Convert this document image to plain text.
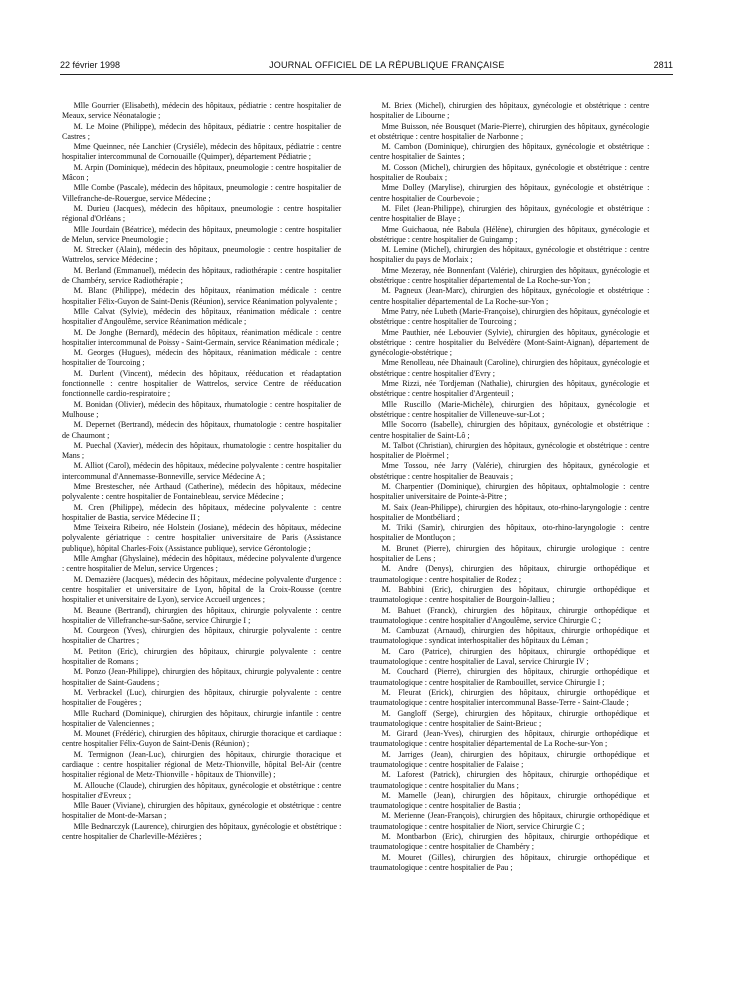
22 février 1998	JOURNAL OFFICIEL DE LA RÉPUBLIQUE FRANÇAISE	2811

Mlle Gourrier (Elisabeth), médecin des hôpitaux, pédiatrie : centre hospitalier de Meaux, service Néonatalogie ;

M. Le Moine (Philippe), médecin des hôpitaux, pédiatrie : centre hospitalier de Castres ;

Mme Queinnec, née Lanchier (Crysiéle), médecin des hôpitaux, pédiatrie : centre hospitalier intercommunal de Cornouaille (Quimper), département Pédiatrie ;

M. Arpin (Dominique), médecin des hôpitaux, pneumologie : centre hospitalier de Mâcon ;

Mlle Combe (Pascale), médecin des hôpitaux, pneumologie : centre hospitalier de Villefranche-de-Rouergue, service Médecine ;

M. Durieu (Jacques), médecin des hôpitaux, pneumologie : centre hospitalier régional d'Orléans ;

Mlle Jourdain (Béatrice), médecin des hôpitaux, pneumologie : centre hospitalier de Melun, service Pneumologie ;

M. Strecker (Alain), médecin des hôpitaux, pneumologie : centre hospitalier de Wattrelos, service Médecine ;

M. Berland (Emmanuel), médecin des hôpitaux, radiothérapie : centre hospitalier de Chambéry, service Radiothérapie ;

M. Blanc (Philippe), médecin des hôpitaux, réanimation médicale : centre hospitalier Félix-Guyon de Saint-Denis (Réunion), service Réanimation polyvalente ;

Mlle Calvat (Sylvie), médecin des hôpitaux, réanimation médicale : centre hospitalier d'Angoulême, service Réanimation médicale ;

M. De Jonghe (Bernard), médecin des hôpitaux, réanimation médicale : centre hospitalier intercommunal de Poissy - Saint-Germain, service Réanimation médicale ;

M. Georges (Hugues), médecin des hôpitaux, réanimation médicale : centre hospitalier de Tourcoing ;

M. Durlent (Vincent), médecin des hôpitaux, rééducation et réadaptation fonctionnelle : centre hospitalier de Wattrelos, service Centre de rééducation fonctionnelle cardio-respiratoire ;

M. Bonidan (Olivier), médecin des hôpitaux, rhumatologie : centre hospitalier de Mulhouse ;

M. Depernet (Bertrand), médecin des hôpitaux, rhumatologie : centre hospitalier de Chaumont ;

M. Puechal (Xavier), médecin des hôpitaux, rhumatologie : centre hospitalier du Mans ;

M. Alliot (Carol), médecin des hôpitaux, médecine polyvalente : centre hospitalier intercommunal d'Annemasse-Bonneville, service Médecine A ;

Mme Brestescher, née Arthaud (Catherine), médecin des hôpitaux, médecine polyvalente : centre hospitalier de Fontainebleau, service Médecine ;

M. Cren (Philippe), médecin des hôpitaux, médecine polyvalente : centre hospitalier de Bastia, service Médecine II ;

Mme Teixeira Ribeiro, née Holstein (Josiane), médecin des hôpitaux, médecine polyvalente gériatrique : centre hospitalier universitaire de Paris (Assistance publique), hôpital Charles-Foix (Assistance publique), service Gérontologie ;

Mlle Amghar (Ghyslaine), médecin des hôpitaux, médecine polyvalente d'urgence : centre hospitalier de Melun, service Urgences ;

M. Demazière (Jacques), médecin des hôpitaux, médecine polyvalente d'urgence : centre hospitalier et universitaire de Lyon, hôpital de la Croix-Rousse (centre hospitalier et universitaire de Lyon), service Accueil urgences ;

M. Beaune (Bertrand), chirurgien des hôpitaux, chirurgie polyvalente : centre hospitalier de Villefranche-sur-Saône, service Chirurgie I ;

M. Courgeon (Yves), chirurgien des hôpitaux, chirurgie polyvalente : centre hospitalier de Chartres ;

M. Petiton (Eric), chirurgien des hôpitaux, chirurgie polyvalente : centre hospitalier de Romans ;

M. Ponzo (Jean-Philippe), chirurgien des hôpitaux, chirurgie polyvalente : centre hospitalier de Saint-Gaudens ;

M. Verbrackel (Luc), chirurgien des hôpitaux, chirurgie polyvalente : centre hospitalier de Fougères ;

Mlle Ruchard (Dominique), chirurgien des hôpitaux, chirurgie infantile : centre hospitalier de Valenciennes ;

M. Mounet (Frédéric), chirurgien des hôpitaux, chirurgie thoracique et cardiaque : centre hospitalier Félix-Guyon de Saint-Denis (Réunion) ;

M. Termignon (Jean-Luc), chirurgien des hôpitaux, chirurgie thoracique et cardiaque : centre hospitalier régional de Metz-Thionville, hôpital Bel-Air (centre hospitalier régional de Metz-Thionville - hôpitaux de Thionville) ;

M. Allouche (Claude), chirurgien des hôpitaux, gynécologie et obstétrique : centre hospitalier d'Evreux ;

Mlle Bauer (Viviane), chirurgien des hôpitaux, gynécologie et obstétrique : centre hospitalier de Mont-de-Marsan ;

Mlle Bednarczyk (Laurence), chirurgien des hôpitaux, gynécologie et obstétrique : centre hospitalier de Charleville-Mézières ;

M. Briex (Michel), chirurgien des hôpitaux, gynécologie et obstétrique : centre hospitalier de Libourne ;

Mme Buisson, née Bousquet (Marie-Pierre), chirurgien des hôpitaux, gynécologie et obstétrique : centre hospitalier de Narbonne ;

M. Cambon (Dominique), chirurgien des hôpitaux, gynécologie et obstétrique : centre hospitalier de Saintes ;

M. Cosson (Michel), chirurgien des hôpitaux, gynécologie et obstétrique : centre hospitalier de Roubaix ;

Mme Dolley (Marylise), chirurgien des hôpitaux, gynécologie et obstétrique : centre hospitalier de Courbevoie ;

M. Filet (Jean-Philippe), chirurgien des hôpitaux, gynécologie et obstétrique : centre hospitalier de Blaye ;

Mme Guichaoua, née Babula (Hélène), chirurgien des hôpitaux, gynécologie et obstétrique : centre hospitalier de Guingamp ;

M. Lemine (Michel), chirurgien des hôpitaux, gynécologie et obstétrique : centre hospitalier du pays de Morlaix ;

Mme Mezeray, née Bonnenfant (Valérie), chirurgien des hôpitaux, gynécologie et obstétrique : centre hospitalier départemental de La Roche-sur-Yon ;

M. Pagneux (Jean-Marc), chirurgien des hôpitaux, gynécologie et obstétrique : centre hospitalier départemental de La Roche-sur-Yon ;

Mme Patry, née Lubeth (Marie-Françoise), chirurgien des hôpitaux, gynécologie et obstétrique : centre hospitalier de Tourcoing ;

Mme Pauthier, née Lebouvier (Sylvie), chirurgien des hôpitaux, gynécologie et obstétrique : centre hospitalier du Belvédère (Mont-Saint-Aignan), département de gynécologie-obstétrique ;

Mme Renolleau, née Dhainault (Caroline), chirurgien des hôpitaux, gynécologie et obstétrique : centre hospitalier d'Evry ;

Mme Rizzi, née Tordjeman (Nathalie), chirurgien des hôpitaux, gynécologie et obstétrique : centre hospitalier d'Argenteuil ;

Mlle Ruscillo (Marie-Michèle), chirurgien des hôpitaux, gynécologie et obstétrique : centre hospitalier de Villeneuve-sur-Lot ;

Mlle Socorro (Isabelle), chirurgien des hôpitaux, gynécologie et obstétrique : centre hospitalier de Saint-Lô ;

M. Talbot (Christian), chirurgien des hôpitaux, gynécologie et obstétrique : centre hospitalier de Ploërmel ;

Mme Tossou, née Jarry (Valérie), chirurgien des hôpitaux, gynécologie et obstétrique : centre hospitalier de Beauvais ;

M. Charpentier (Dominique), chirurgien des hôpitaux, ophtalmologie : centre hospitalier universitaire de Pointe-à-Pitre ;

M. Saix (Jean-Philippe), chirurgien des hôpitaux, oto-rhino-laryngologie : centre hospitalier de Montbéliard ;

M. Triki (Samir), chirurgien des hôpitaux, oto-rhino-laryngologie : centre hospitalier de Montluçon ;

M. Brunet (Pierre), chirurgien des hôpitaux, chirurgie urologique : centre hospitalier de Lens ;

M. Andre (Denys), chirurgien des hôpitaux, chirurgie orthopédique et traumatologique : centre hospitalier de Rodez ;

M. Babbini (Eric), chirurgien des hôpitaux, chirurgie orthopédique et traumatologique : centre hospitalier de Bourgoin-Jallieu ;

M. Bahuet (Franck), chirurgien des hôpitaux, chirurgie orthopédique et traumatologique : centre hospitalier d'Angoulême, service Chirurgie C ;

M. Cambuzat (Arnaud), chirurgien des hôpitaux, chirurgie orthopédique et traumatologique : syndicat interhospitalier des hôpitaux du Léman ;

M. Caro (Patrice), chirurgien des hôpitaux, chirurgie orthopédique et traumatologique : centre hospitalier de Laval, service Chirurgie IV ;

M. Couchard (Pierre), chirurgien des hôpitaux, chirurgie orthopédique et traumatologique : centre hospitalier de Rambouillet, service Chirurgie I ;

M. Fleurat (Erick), chirurgien des hôpitaux, chirurgie orthopédique et traumatologique : centre hospitalier intercommunal Basse-Terre - Saint-Claude ;

M. Gangloff (Serge), chirurgien des hôpitaux, chirurgie orthopédique et traumatologique : centre hospitalier de Saint-Brieuc ;

M. Girard (Jean-Yves), chirurgien des hôpitaux, chirurgie orthopédique et traumatologique : centre hospitalier départemental de La Roche-sur-Yon ;

M. Jarriges (Jean), chirurgien des hôpitaux, chirurgie orthopédique et traumatologique : centre hospitalier de Falaise ;

M. Laforest (Patrick), chirurgien des hôpitaux, chirurgie orthopédique et traumatologique : centre hospitalier du Mans ;

M. Mamelle (Jean), chirurgien des hôpitaux, chirurgie orthopédique et traumatologique : centre hospitalier de Bastia ;

M. Merienne (Jean-François), chirurgien des hôpitaux, chirurgie orthopédique et traumatologique : centre hospitalier de Niort, service Chirurgie C ;

M. Montbarbon (Eric), chirurgien des hôpitaux, chirurgie orthopédique et traumatologique : centre hospitalier de Chambéry ;

M. Mouret (Gilles), chirurgien des hôpitaux, chirurgie orthopédique et traumatologique : centre hospitalier de Pau ;
